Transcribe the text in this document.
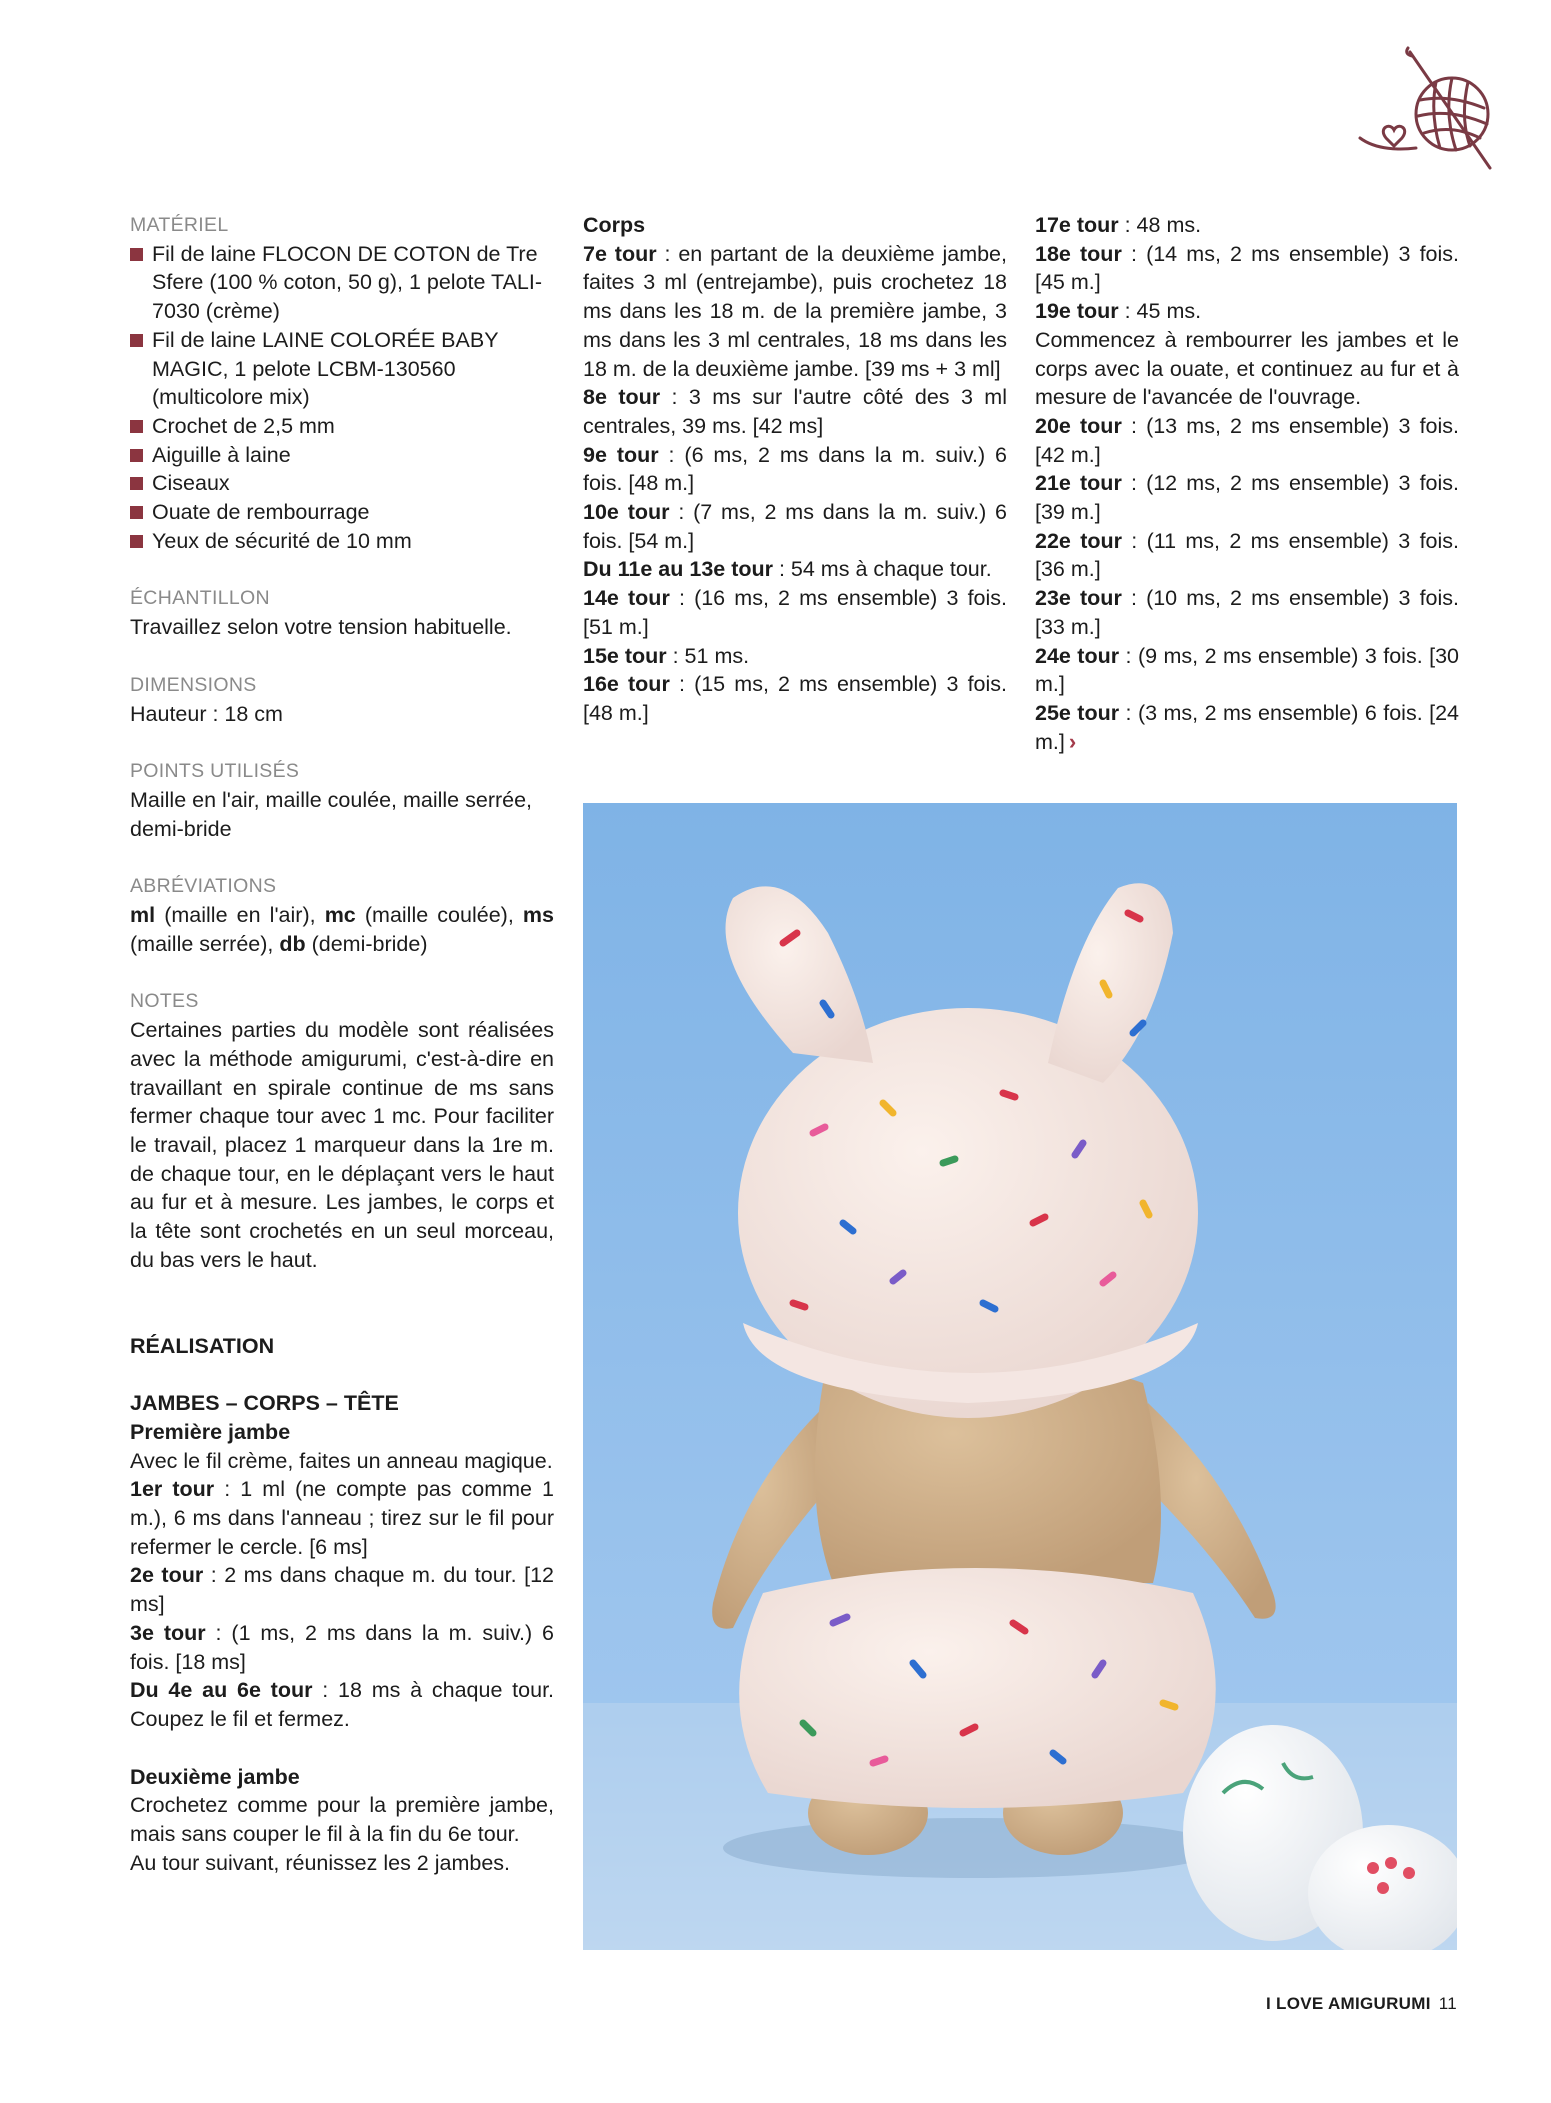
MATÉRIEL

Fil de laine FLOCON DE COTON de Tre Sfere (100 % coton, 50 g), 1 pelote TALI-7030 (crème)
Fil de laine LAINE COLORÉE BABY MAGIC, 1 pelote LCBM-130560 (multicolore mix)
Crochet de 2,5 mm
Aiguille à laine
Ciseaux
Ouate de rembourrage
Yeux de sécurité de 10 mm

ÉCHANTILLON

Travaillez selon votre tension habituelle.

DIMENSIONS

Hauteur : 18 cm

POINTS UTILISÉS

Maille en l'air, maille coulée, maille serrée, demi-bride

ABRÉVIATIONS

ml (maille en l'air), mc (maille coulée), ms (maille serrée), db (demi-bride)

NOTES

Certaines parties du modèle sont réalisées avec la méthode amigurumi, c'est-à-dire en travaillant en spirale continue de ms sans fermer chaque tour avec 1 mc. Pour faciliter le travail, placez 1 marqueur dans la 1re m. de chaque tour, en le déplaçant vers le haut au fur et à mesure. Les jambes, le corps et la tête sont crochetés en un seul morceau, du bas vers le haut.

RÉALISATION

JAMBES – CORPS – TÊTE

Première jambe

Avec le fil crème, faites un anneau magique.

1er tour : 1 ml (ne compte pas comme 1 m.), 6 ms dans l'anneau ; tirez sur le fil pour refermer le cercle. [6 ms]

2e tour : 2 ms dans chaque m. du tour. [12 ms]

3e tour : (1 ms, 2 ms dans la m. suiv.) 6 fois. [18 ms]

Du 4e au 6e tour : 18 ms à chaque tour. Coupez le fil et fermez.

Deuxième jambe

Crochetez comme pour la première jambe, mais sans couper le fil à la fin du 6e tour.

Au tour suivant, réunissez les 2 jambes.

Corps

7e tour : en partant de la deuxième jambe, faites 3 ml (entrejambe), puis crochetez 18 ms dans les 18 m. de la première jambe, 3 ms dans les 3 ml centrales, 18 ms dans les 18 m. de la deuxième jambe. [39 ms + 3 ml]

8e tour : 3 ms sur l'autre côté des 3 ml centrales, 39 ms. [42 ms]

9e tour : (6 ms, 2 ms dans la m. suiv.) 6 fois. [48 m.]

10e tour : (7 ms, 2 ms dans la m. suiv.) 6 fois. [54 m.]

Du 11e au 13e tour : 54 ms à chaque tour.

14e tour : (16 ms, 2 ms ensemble) 3 fois. [51 m.]

15e tour : 51 ms.

16e tour : (15 ms, 2 ms ensemble) 3 fois. [48 m.]

17e tour : 48 ms.

18e tour : (14 ms, 2 ms ensemble) 3 fois. [45 m.]

19e tour : 45 ms.

Commencez à rembourrer les jambes et le corps avec la ouate, et continuez au fur et à mesure de l'avancée de l'ouvrage.

20e tour : (13 ms, 2 ms ensemble) 3 fois. [42 m.]

21e tour : (12 ms, 2 ms ensemble) 3 fois. [39 m.]

22e tour : (11 ms, 2 ms ensemble) 3 fois. [36 m.]

23e tour : (10 ms, 2 ms ensemble) 3 fois. [33 m.]

24e tour : (9 ms, 2 ms ensemble) 3 fois. [30 m.]

25e tour : (3 ms, 2 ms ensemble) 6 fois. [24 m.] ›

I LOVE AMIGURUMI 11
